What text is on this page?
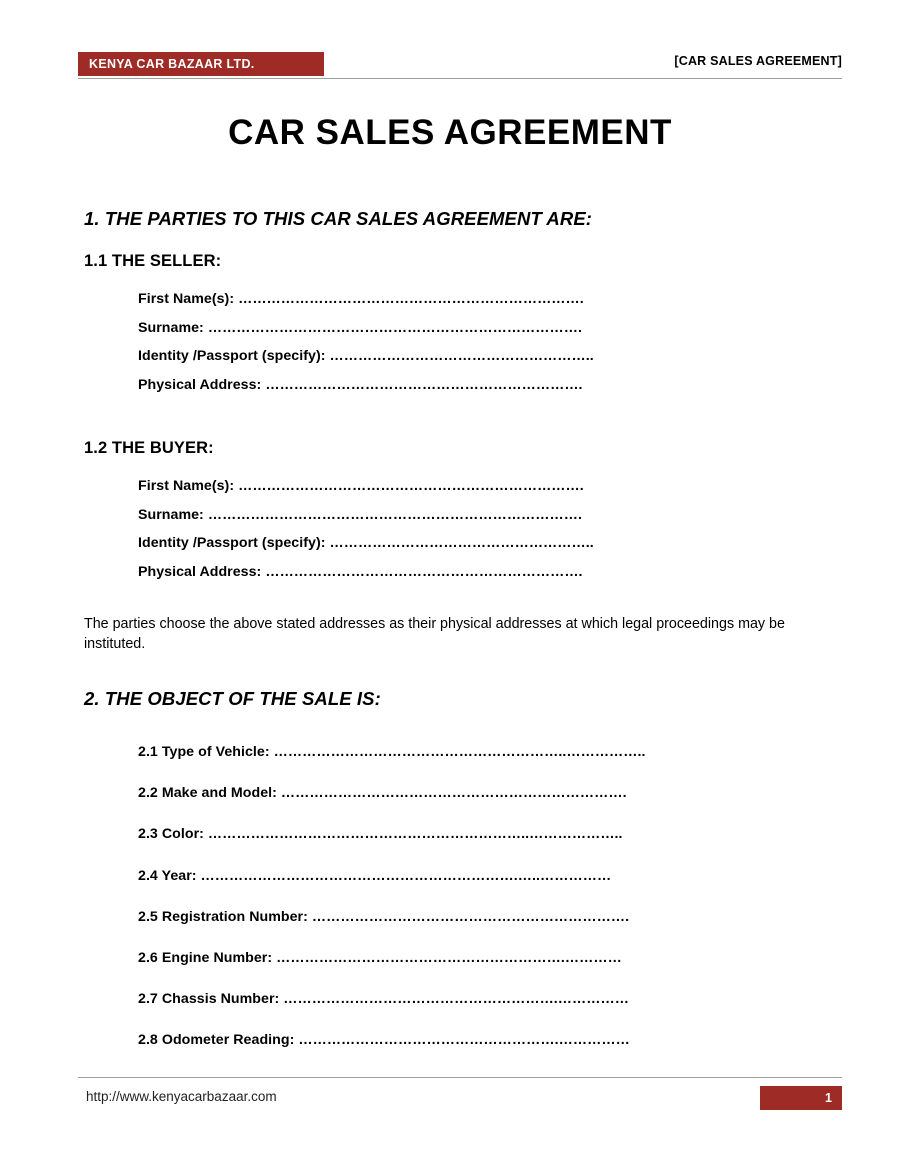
KENYA CAR BAZAAR LTD.	[CAR SALES AGREEMENT]
CAR SALES AGREEMENT
1. THE PARTIES TO THIS CAR SALES AGREEMENT ARE:
1.1 THE SELLER:
First Name(s): ……………………………………………………………….
Surname: …………………………………………………………………….
Identity /Passport (specify): ………………………………………………..
Physical Address: ………………………………………………………….
1.2 THE BUYER:
First Name(s): ……………………………………………………………….
Surname: …………………………………………………………………….
Identity /Passport (specify): ………………………………………………..
Physical Address: ………………………………………………………….

The parties choose the above stated addresses as their physical addresses at which legal proceedings may be instituted.

2. THE OBJECT OF THE SALE IS:
2.1 Type of Vehicle: ……………………………………………………..……………..
2.2 Make and Model: ……………………………………………………………….
2.3 Color: …………………………………………………………..………………..
2.4 Year: ………………………………………………………….…..……………
2.5 Registration Number: ………………………………………………………….
2.6 Engine Number: …………………………………………………….…………
2.7 Chassis Number: ………………………………………………….……………
2.8 Odometer Reading: ……………………………………………….……………
http://www.kenyacarbazaar.com	1
